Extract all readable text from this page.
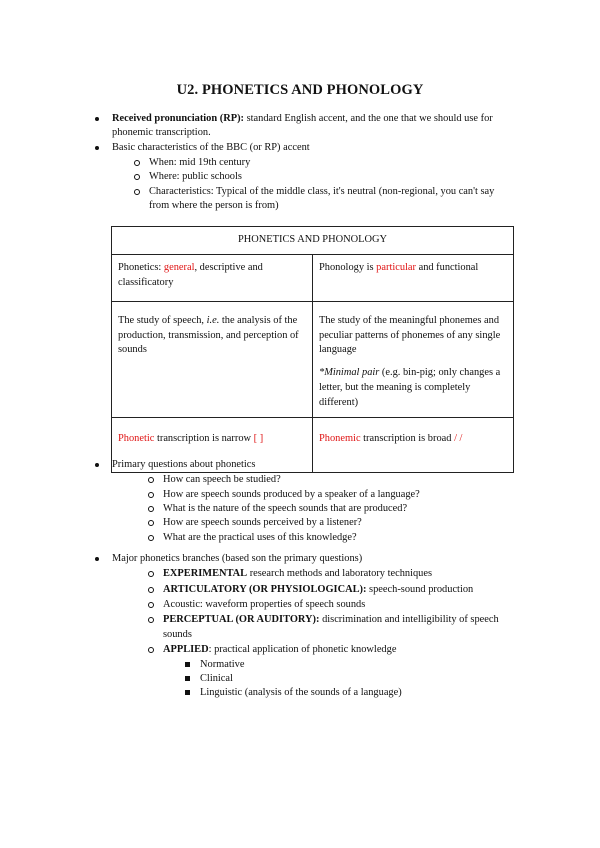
U2. PHONETICS AND PHONOLOGY
Received pronunciation (RP): standard English accent, and the one that we should use for phonemic transcription.
Basic characteristics of the BBC (or RP) accent
When: mid 19th century
Where: public schools
Characteristics: Typical of the middle class, it's neutral (non-regional, you can't say from where the person is from)
PHONETICS AND PHONOLOGY	
Phonetics: general, descriptive and classificatory	Phonology is particular and functional
The study of speech, i.e. the analysis of the production, transmission, and perception of sounds	The study of the meaningful phonemes and peculiar patterns of phonemes of any single language
*Minimal pair (e.g. bin-pig; only changes a letter, but the meaning is completely different)

Phonetic transcription is narrow [ ]	Phonemic transcription is broad / /
Primary questions about phonetics
How can speech be studied?
How are speech sounds produced by a speaker of a language?
What is the nature of the speech sounds that are produced?
How are speech sounds perceived by a listener?
What are the practical uses of this knowledge?
Major phonetics branches (based son the primary questions)
EXPERIMENTAL research methods and laboratory techniques
ARTICULATORY (OR PHYSIOLOGICAL): speech-sound production
Acoustic: waveform properties of speech sounds
PERCEPTUAL (OR AUDITORY): discrimination and intelligibility of speech sounds
APPLIED: practical application of phonetic knowledge
Normative
Clinical
Linguistic (analysis of the sounds of a language)
